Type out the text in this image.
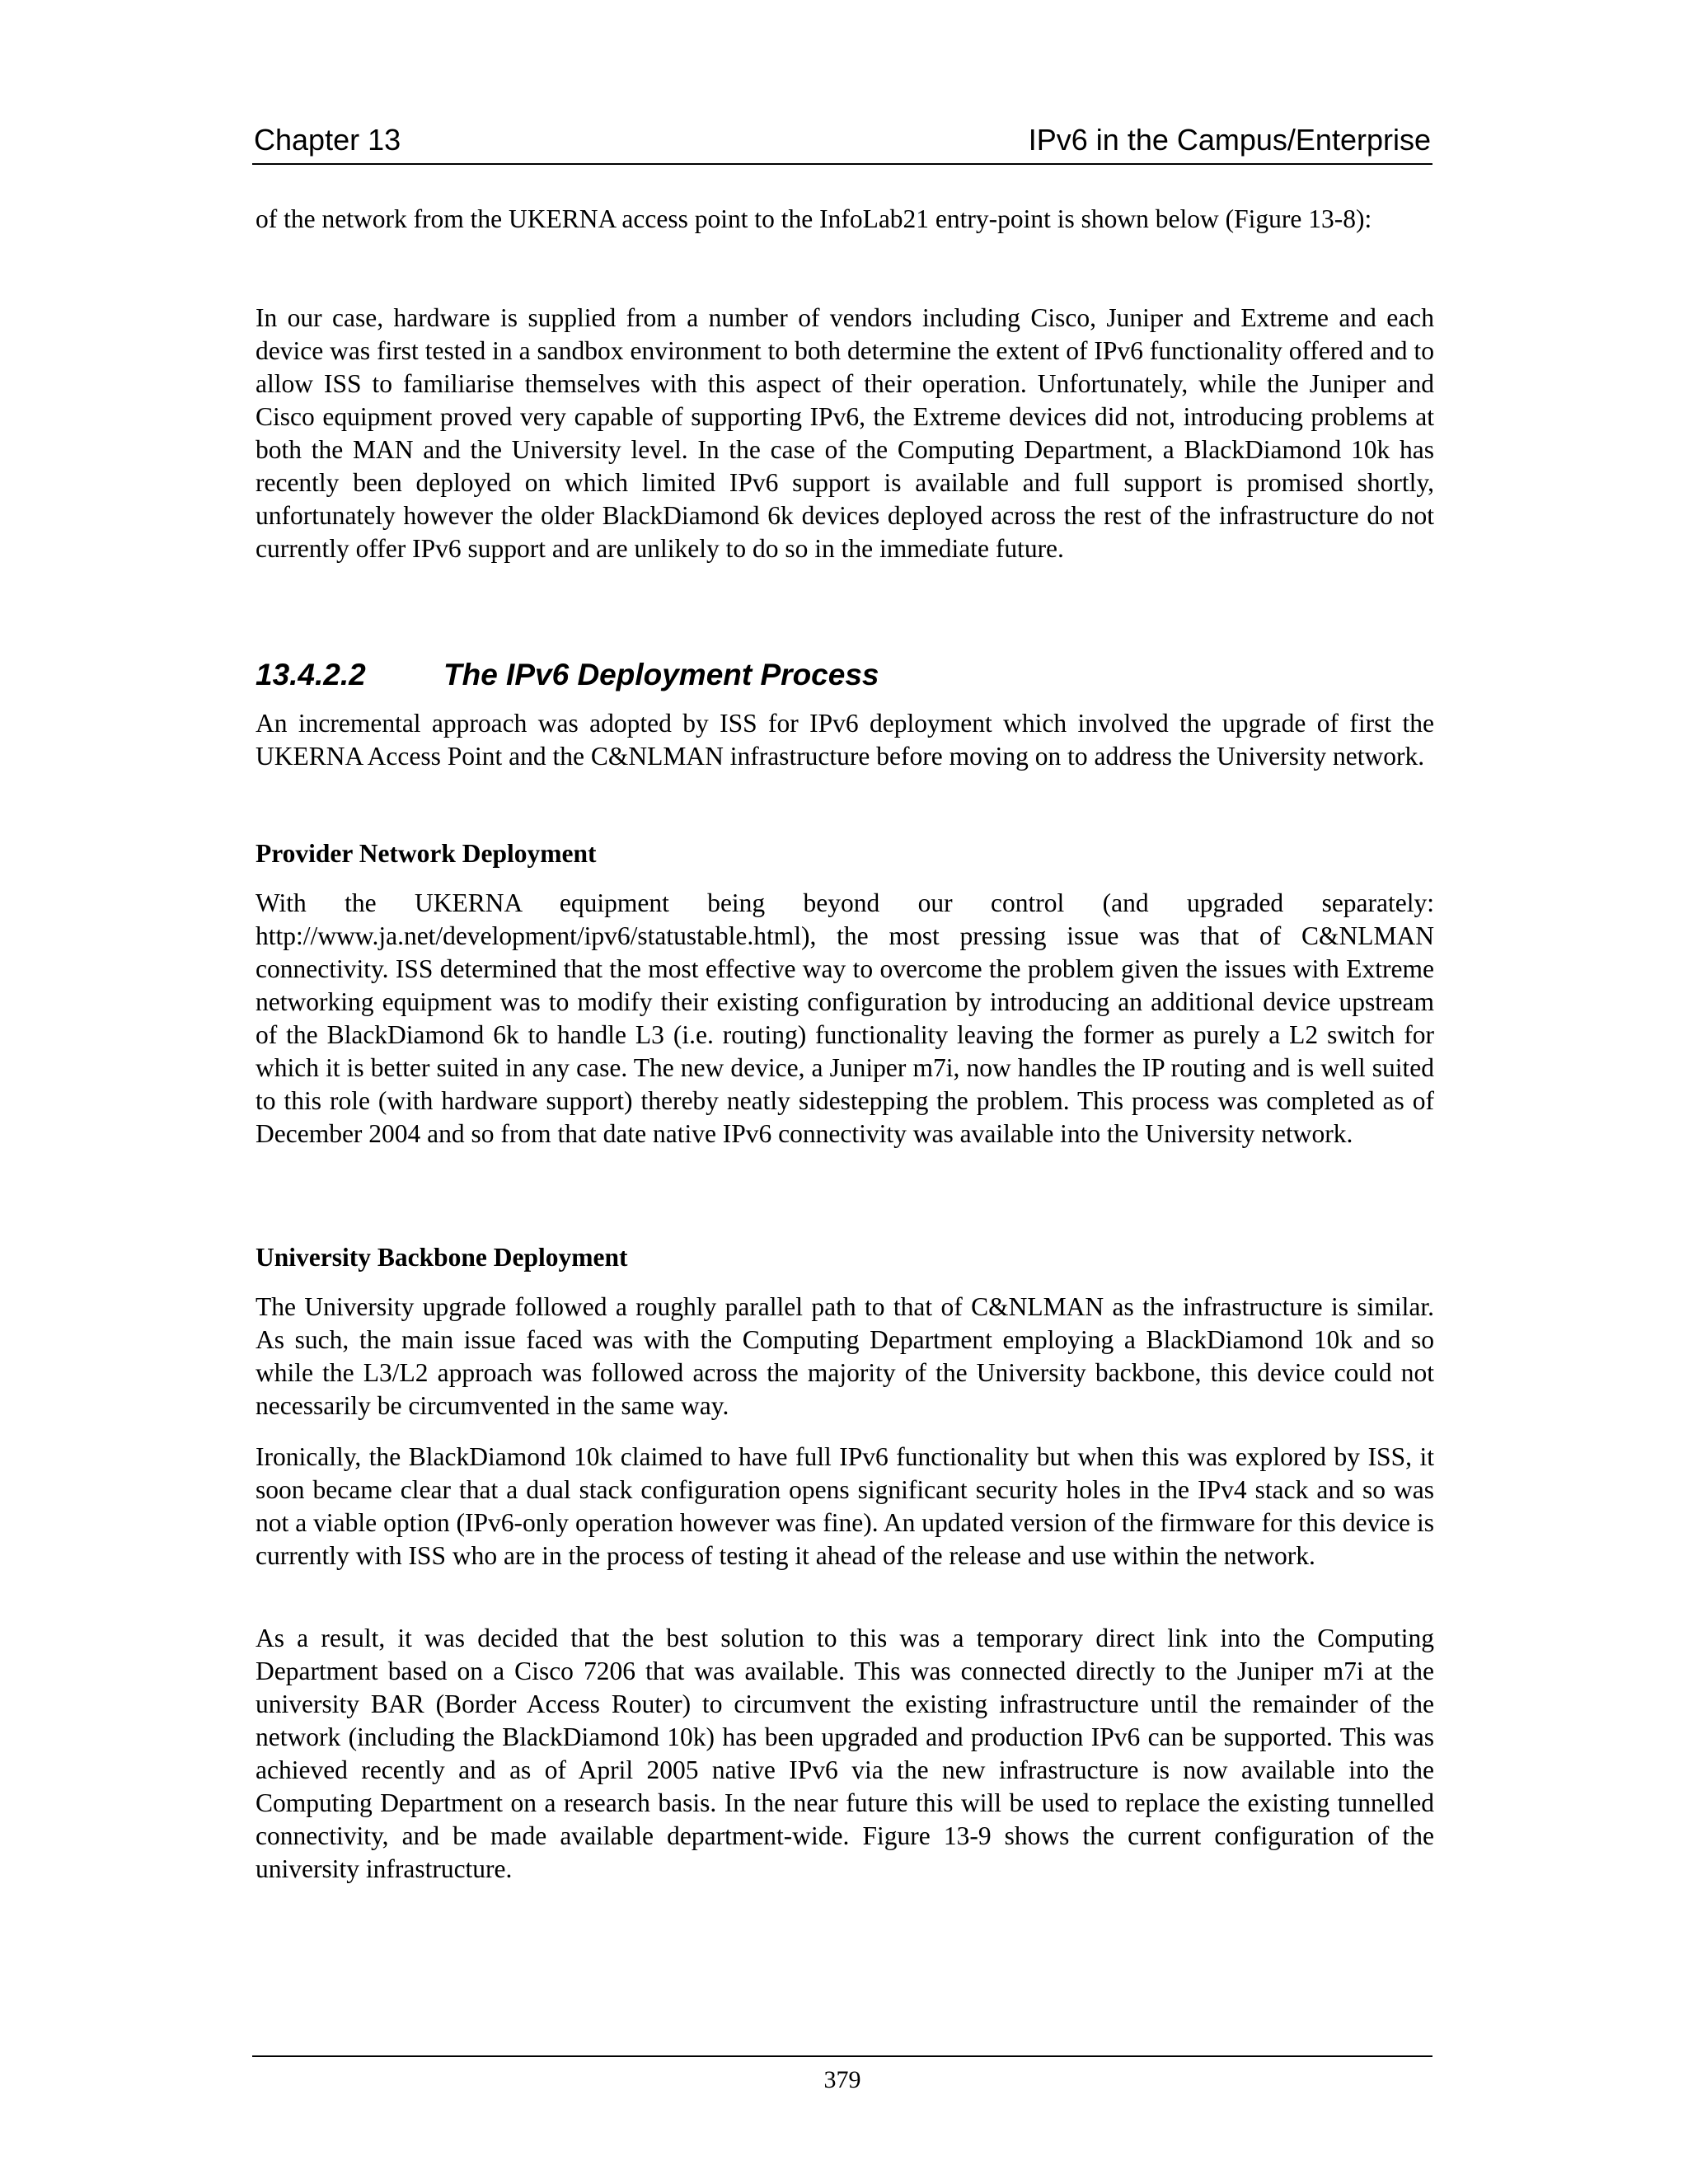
Chapter 13	IPv6 in the Campus/Enterprise

of the network from the UKERNA access point to the InfoLab21 entry-point is shown below (Figure 13-8):

In our case, hardware is supplied from a number of vendors including Cisco, Juniper and Extreme and each device was first tested in a sandbox environment to both determine the extent of IPv6 functionality offered and to allow ISS to familiarise themselves with this aspect of their operation. Unfortunately, while the Juniper and Cisco equipment proved very capable of supporting IPv6, the Extreme devices did not, introducing problems at both the MAN and the University level. In the case of the Computing Department, a BlackDiamond 10k has recently been deployed on which limited IPv6 support is available and full support is promised shortly, unfortunately however the older BlackDiamond 6k devices deployed across the rest of the infrastructure do not currently offer IPv6 support and are unlikely to do so in the immediate future.

13.4.2.2	The IPv6 Deployment Process

An incremental approach was adopted by ISS for IPv6 deployment which involved the upgrade of first the UKERNA Access Point and the C&NLMAN infrastructure before moving on to address the University network.

Provider Network Deployment

With the UKERNA equipment being beyond our control (and upgraded separately: http://www.ja.net/development/ipv6/statustable.html), the most pressing issue was that of C&NLMAN connectivity. ISS determined that the most effective way to overcome the problem given the issues with Extreme networking equipment was to modify their existing configuration by introducing an additional device upstream of the BlackDiamond 6k to handle L3 (i.e. routing) functionality leaving the former as purely a L2 switch for which it is better suited in any case. The new device, a Juniper m7i, now handles the IP routing and is well suited to this role (with hardware support) thereby neatly sidestepping the problem. This process was completed as of December 2004 and so from that date native IPv6 connectivity was available into the University network.

University Backbone Deployment

The University upgrade followed a roughly parallel path to that of C&NLMAN as the infrastructure is similar. As such, the main issue faced was with the Computing Department employing a BlackDiamond 10k and so while the L3/L2 approach was followed across the majority of the University backbone, this device could not necessarily be circumvented in the same way.

Ironically, the BlackDiamond 10k claimed to have full IPv6 functionality but when this was explored by ISS, it soon became clear that a dual stack configuration opens significant security holes in the IPv4 stack and so was not a viable option (IPv6-only operation however was fine). An updated version of the firmware for this device is currently with ISS who are in the process of testing it ahead of the release and use within the network.

As a result, it was decided that the best solution to this was a temporary direct link into the Computing Department based on a Cisco 7206 that was available. This was connected directly to the Juniper m7i at the university BAR (Border Access Router) to circumvent the existing infrastructure until the remainder of the network (including the BlackDiamond 10k) has been upgraded and production IPv6 can be supported. This was achieved recently and as of April 2005 native IPv6 via the new infrastructure is now available into the Computing Department on a research basis. In the near future this will be used to replace the existing tunnelled connectivity, and be made available department-wide. Figure 13-9 shows the current configuration of the university infrastructure.

379
